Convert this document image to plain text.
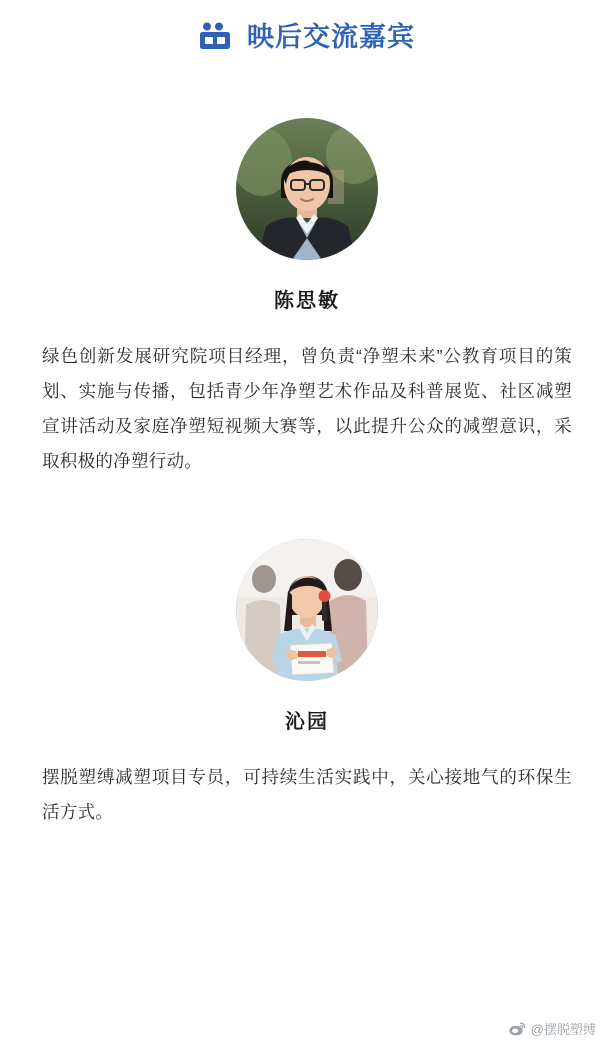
映后交流嘉宾
陈思敏
绿色创新发展研究院项目经理，曾负责“净塑未来”公教育项目的策划、实施与传播，包括青少年净塑艺术作品及科普展览、社区减塑宣讲活动及家庭净塑短视频大赛等，以此提升公众的减塑意识，采取积极的净塑行动。
沁园
摆脱塑缚减塑项目专员，可持续生活实践中，关心接地气的环保生活方式。
@摆脱塑缚
